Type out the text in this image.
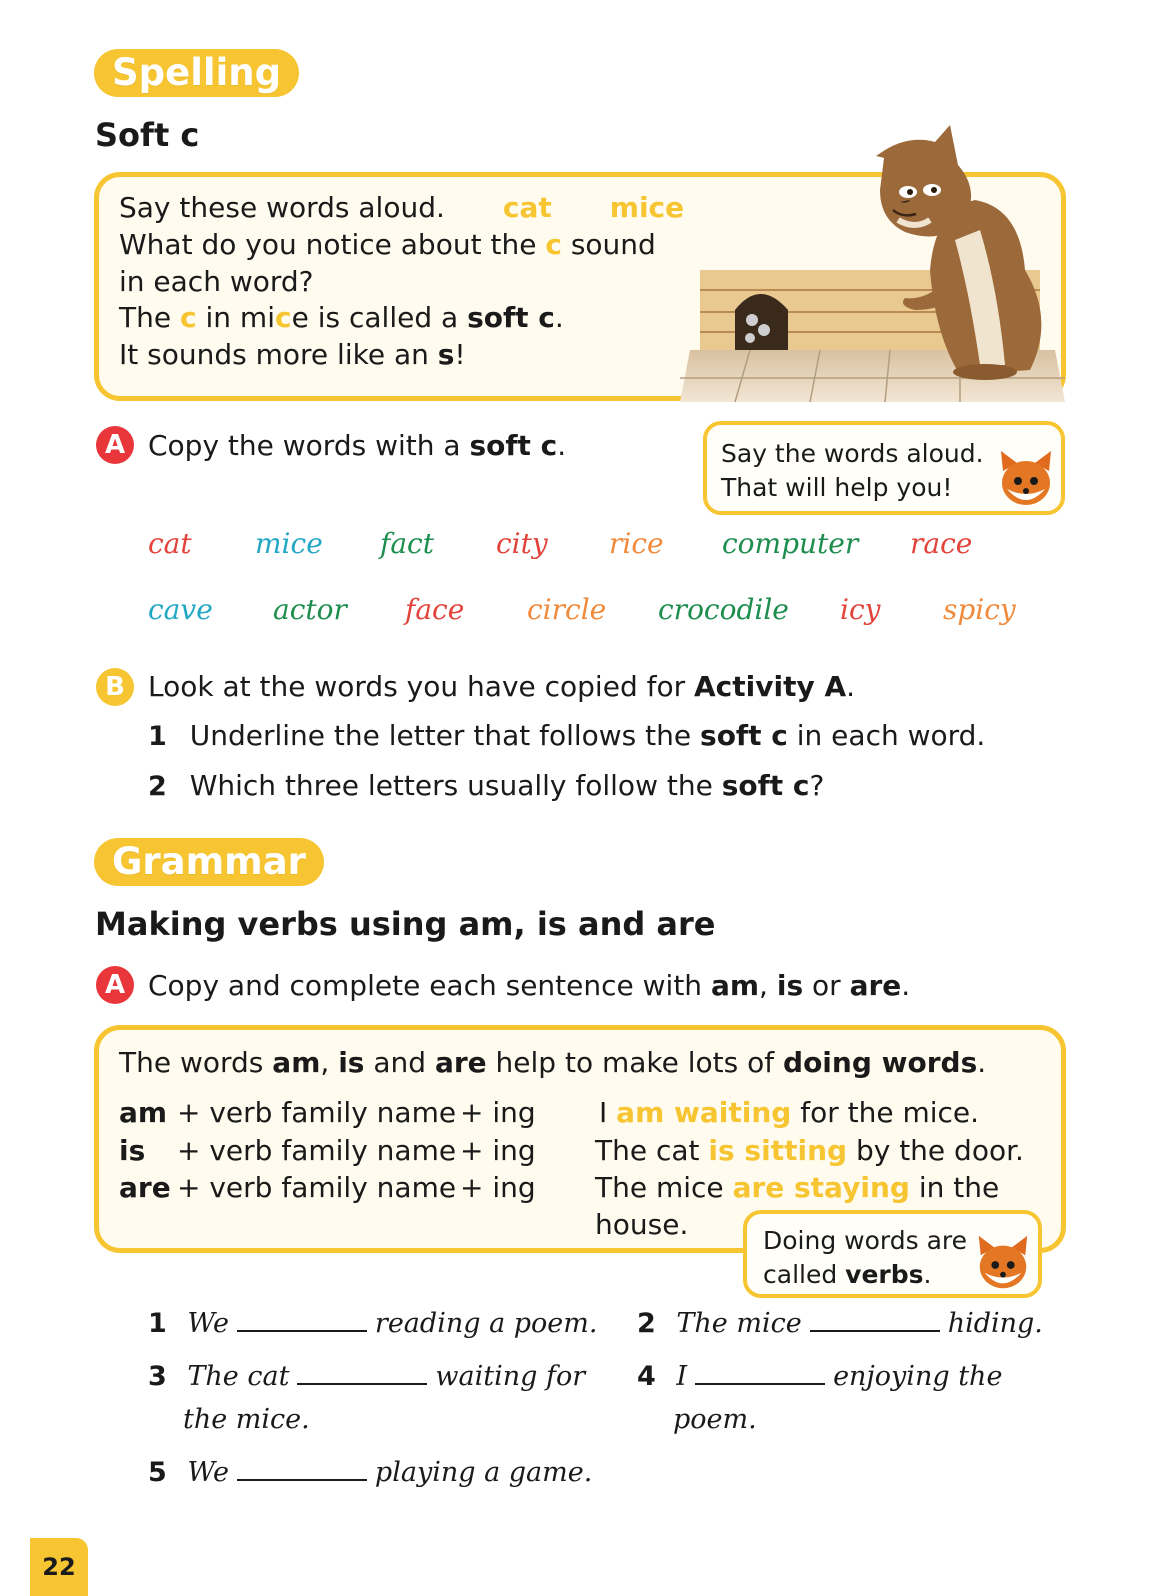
Spelling
Soft c
Say these words aloud. cat mice
What do you notice about the c sound
in each word?
The c in mice is called a soft c.
It sounds more like an s!
A Copy the words with a soft c.	Say the words aloud.
That will help you!
cat mice fact city rice computer race
cave actor face circle crocodile icy spicy
B Look at the words you have copied for Activity A.
1 Underline the letter that follows the soft c in each word.
2 Which three letters usually follow the soft c?
Grammar
Making verbs using am, is and are
A Copy and complete each sentence with am, is or are.
The words am, is and are help to make lots of doing words.
am + verb family name + ing I am waiting for the mice.
is + verb family name + ing The cat is sitting by the door.
are + verb family name + ing The mice are staying in the
house.	Doing words are
called verbs.
1 We	reading a poem. 2 The mice	hiding.
3 The cat	waiting for
the mice.
4 I	enjoying the
poem.
5 We	playing a game.
22
